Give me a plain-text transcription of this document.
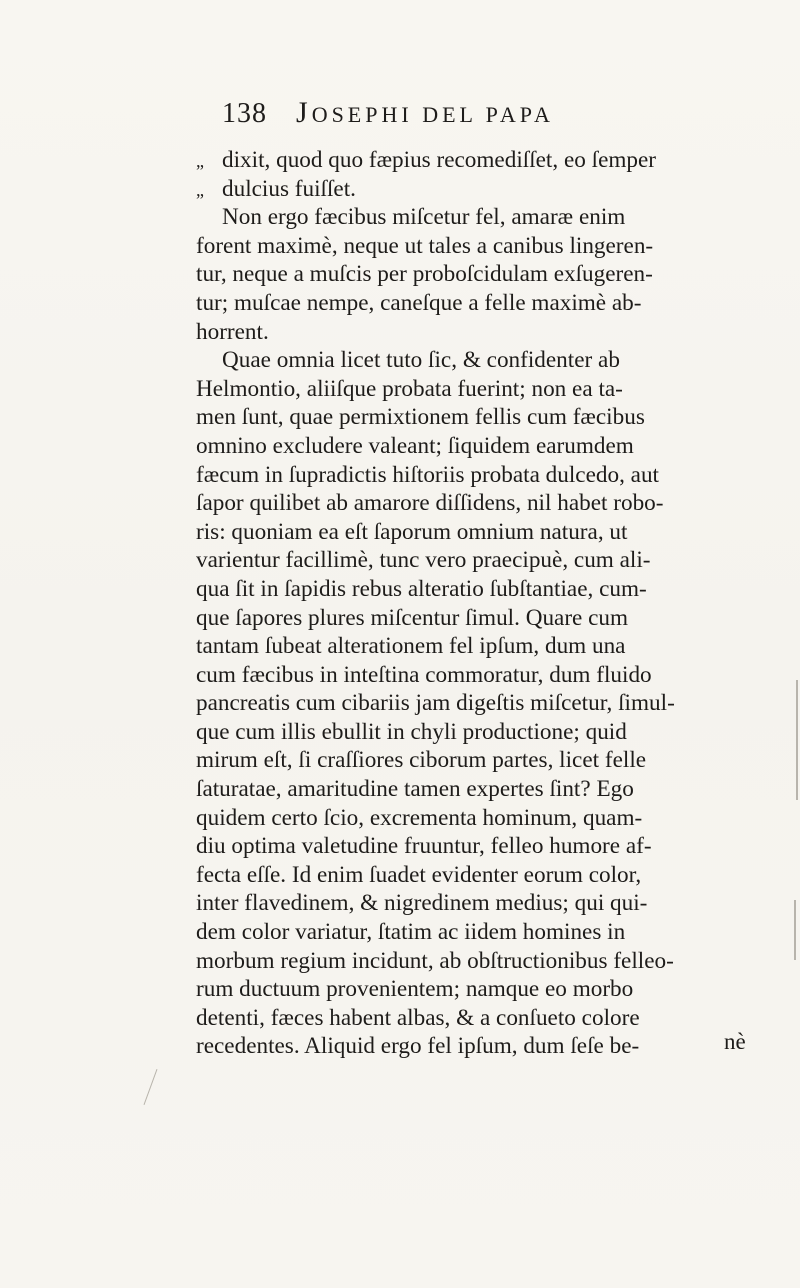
138 JOSEPHI DEL PAPA
„ dixit, quod quo fæpius recomediſſet, eo ſemper
„ dulcius fuiſſet.
Non ergo fæcibus miſcetur fel, amaræ enim
forent maximè, neque ut tales a canibus lingeren-
tur, neque a muſcis per proboſcidulam exſugeren-
tur; muſcae nempe, caneſque a felle maximè ab-
horrent.
Quae omnia licet tuto ſic, & confidenter ab
Helmontio, aliiſque probata fuerint; non ea ta-
men ſunt, quae permixtionem fellis cum fæcibus
omnino excludere valeant; ſiquidem earumdem
fæcum in ſupradictis hiſtoriis probata dulcedo, aut
ſapor quilibet ab amarore diſſidens, nil habet robo-
ris: quoniam ea eſt ſaporum omnium natura, ut
varientur facillimè, tunc vero praecipuè, cum ali-
qua ſit in ſapidis rebus alteratio ſubſtantiae, cum-
que ſapores plures miſcentur ſimul. Quare cum
tantam ſubeat alterationem fel ipſum, dum una
cum fæcibus in inteſtina commoratur, dum fluido
pancreatis cum cibariis jam digeſtis miſcetur, ſimul-
que cum illis ebullit in chyli productione; quid
mirum eſt, ſi craſſiores ciborum partes, licet felle
ſaturatae, amaritudine tamen expertes ſint? Ego
quidem certo ſcio, excrementa hominum, quam-
diu optima valetudine fruuntur, felleo humore af-
fecta eſſe. Id enim ſuadet evidenter eorum color,
inter flavedinem, & nigredinem medius; qui qui-
dem color variatur, ſtatim ac iidem homines in
morbum regium incidunt, ab obſtructionibus felleo-
rum ductuum provenientem; namque eo morbo
detenti, fæces habent albas, & a conſueto colore
recedentes. Aliquid ergo fel ipſum, dum ſeſe be-	nè
